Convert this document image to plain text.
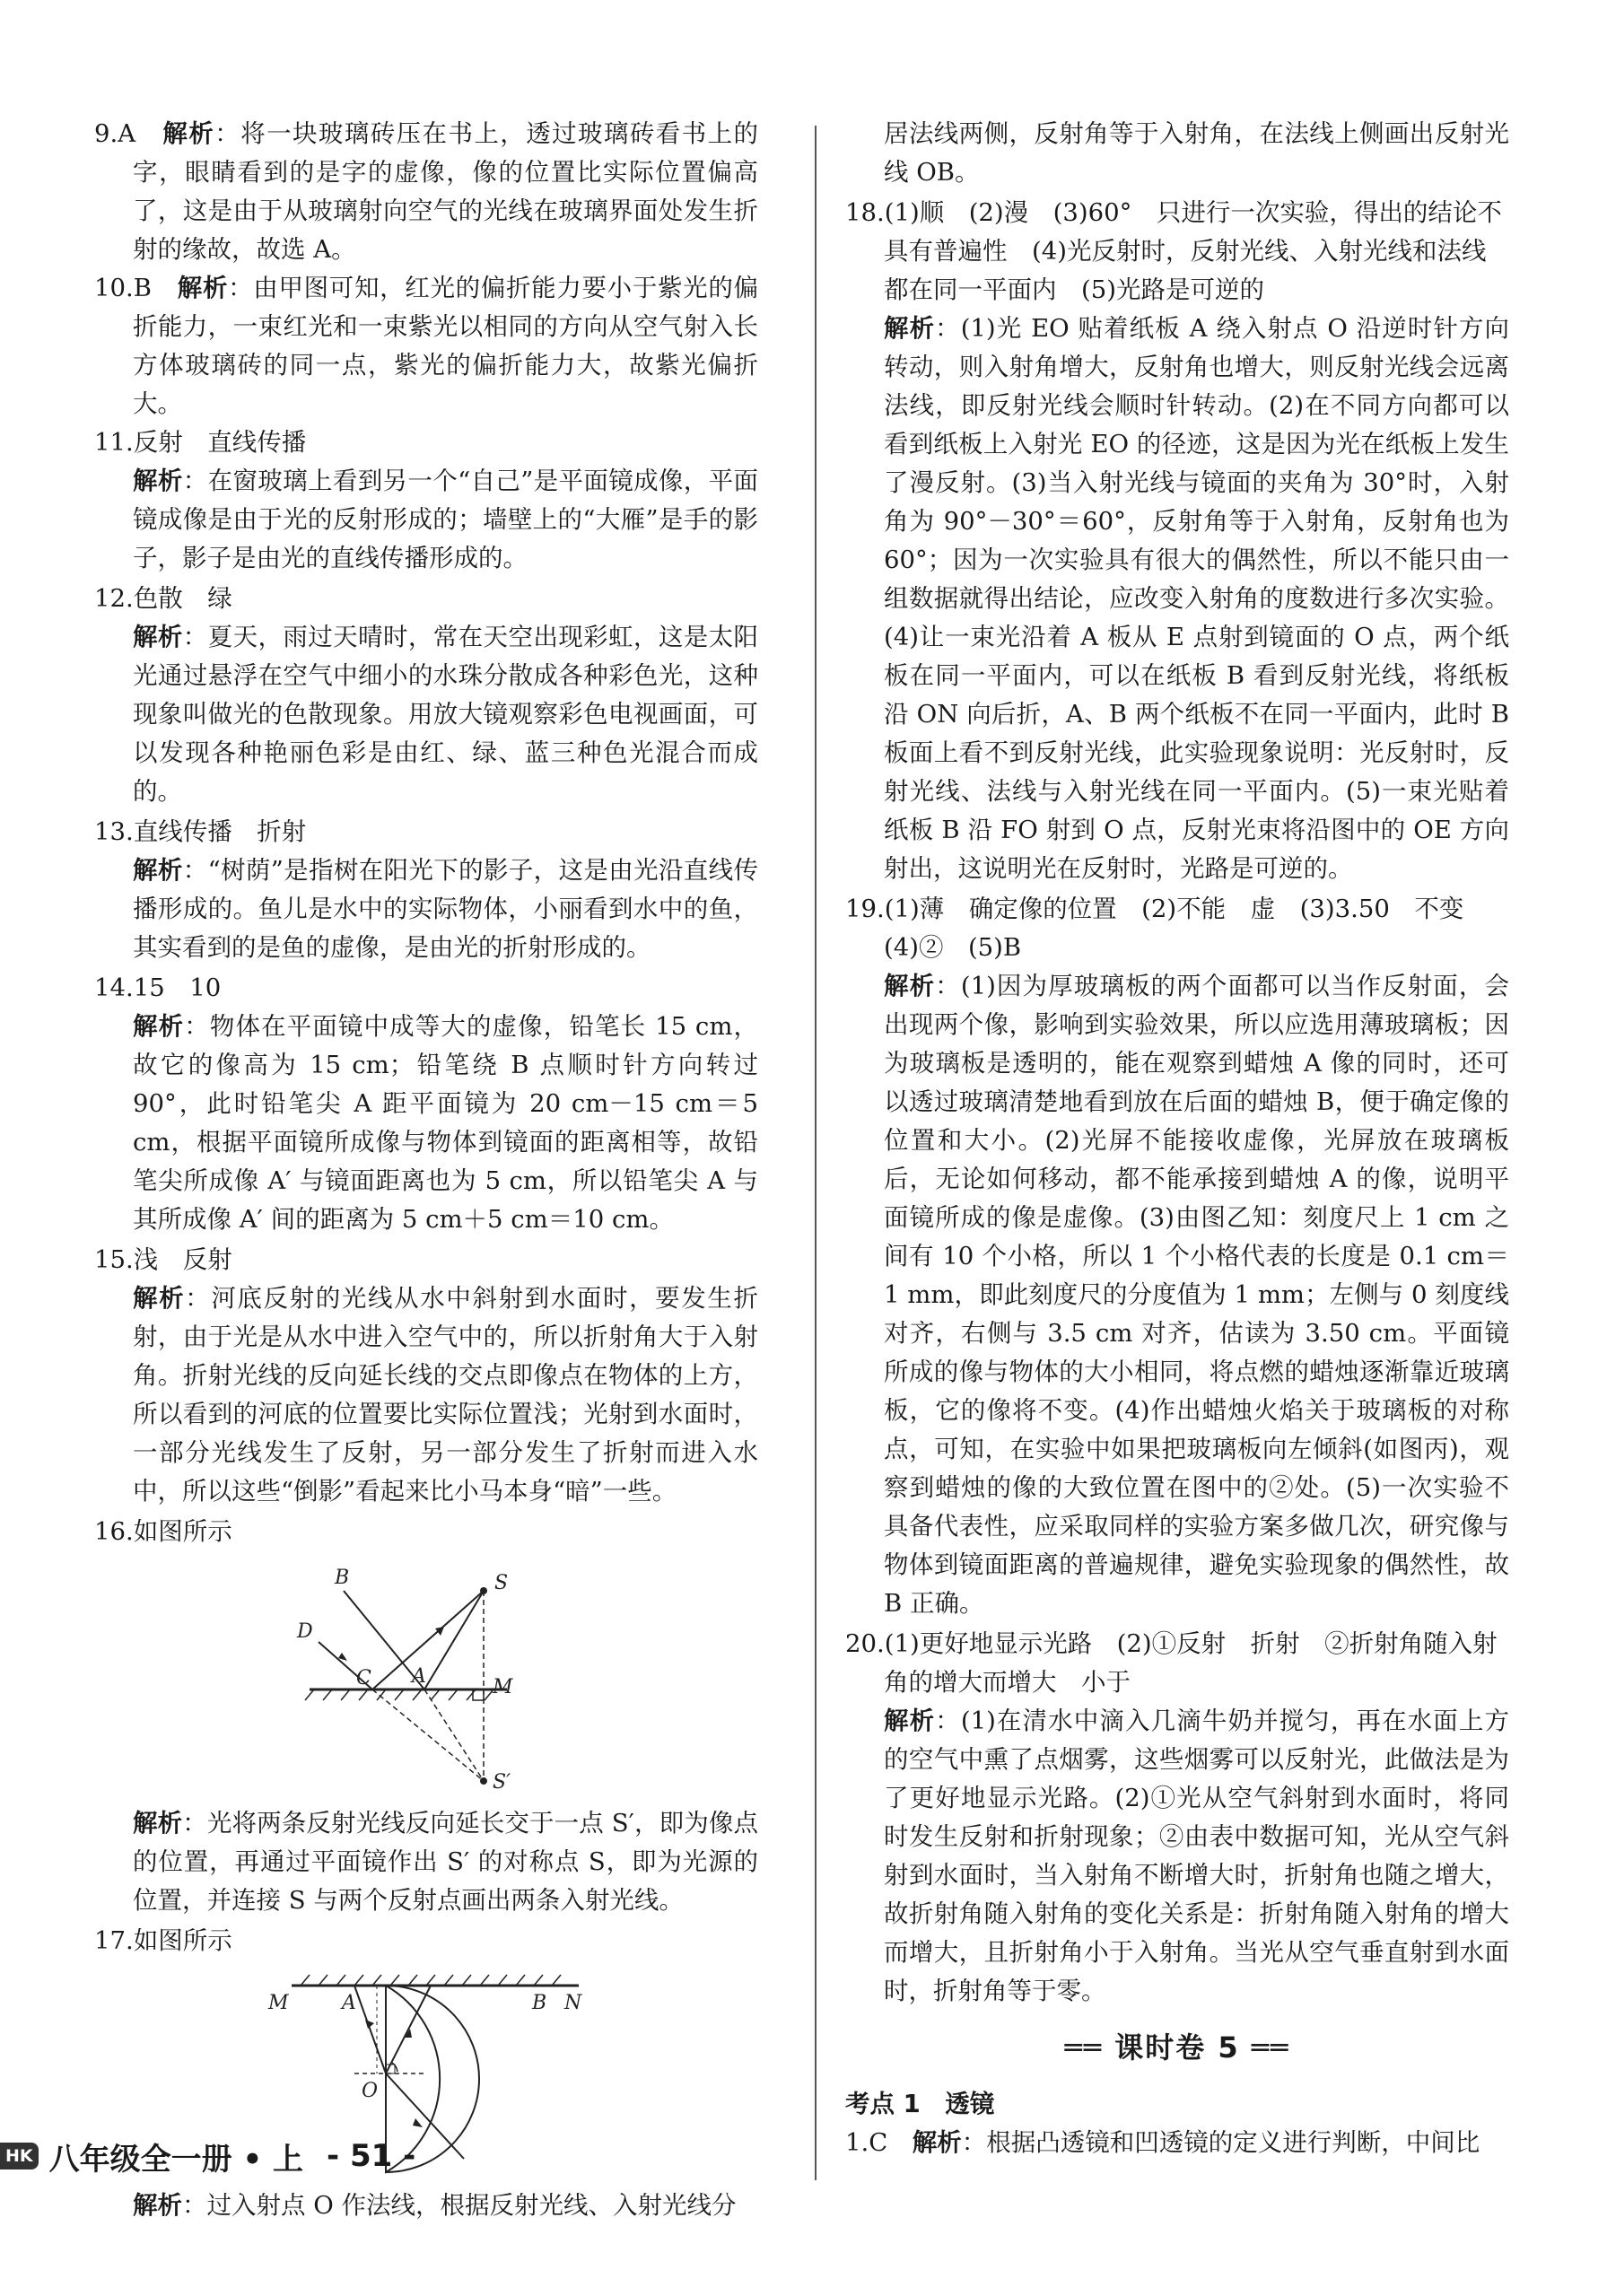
9.A　解析：将一块玻璃砖压在书上，透过玻璃砖看书上的字，眼睛看到的是字的虚像，像的位置比实际位置偏高了，这是由于从玻璃射向空气的光线在玻璃界面处发生折射的缘故，故选 A。
10.B　解析：由甲图可知，红光的偏折能力要小于紫光的偏折能力，一束红光和一束紫光以相同的方向从空气射入长方体玻璃砖的同一点，紫光的偏折能力大，故紫光偏折大。
11.反射　直线传播
解析：在窗玻璃上看到另一个“自己”是平面镜成像，平面镜成像是由于光的反射形成的；墙壁上的“大雁”是手的影子，影子是由光的直线传播形成的。
12.色散　绿
解析：夏天，雨过天晴时，常在天空出现彩虹，这是太阳光通过悬浮在空气中细小的水珠分散成各种彩色光，这种现象叫做光的色散现象。用放大镜观察彩色电视画面，可以发现各种艳丽色彩是由红、绿、蓝三种色光混合而成的。
13.直线传播　折射
解析：“树荫”是指树在阳光下的影子，这是由光沿直线传播形成的。鱼儿是水中的实际物体，小丽看到水中的鱼，其实看到的是鱼的虚像，是由光的折射形成的。
14.15　10
解析：物体在平面镜中成等大的虚像，铅笔长 15 cm，故它的像高为 15 cm；铅笔绕 B 点顺时针方向转过 90°，此时铅笔尖 A 距平面镜为 20 cm－15 cm＝5 cm，根据平面镜所成像与物体到镜面的距离相等，故铅笔尖所成像 A′ 与镜面距离也为 5 cm，所以铅笔尖 A 与其所成像 A′ 间的距离为 5 cm＋5 cm＝10 cm。
15.浅　反射
解析：河底反射的光线从水中斜射到水面时，要发生折射，由于光是从水中进入空气中的，所以折射角大于入射角。折射光线的反向延长线的交点即像点在物体的上方，所以看到的河底的位置要比实际位置浅；光射到水面时，一部分光线发生了反射，另一部分发生了折射而进入水中，所以这些“倒影”看起来比小马本身“暗”一些。
16.如图所示
B	S
D
C A	M
S′
解析：光将两条反射光线反向延长交于一点 S′，即为像点的位置，再通过平面镜作出 S′ 的对称点 S，即为光源的位置，并连接 S 与两个反射点画出两条入射光线。
17.如图所示
M	A	B N
O
解析：过入射点 O 作法线，根据反射光线、入射光线分
居法线两侧，反射角等于入射角，在法线上侧画出反射光线 OB。
18.(1)顺　(2)漫　(3)60°　只进行一次实验，得出的结论不具有普遍性　(4)光反射时，反射光线、入射光线和法线都在同一平面内　(5)光路是可逆的
解析：(1)光 EO 贴着纸板 A 绕入射点 O 沿逆时针方向转动，则入射角增大，反射角也增大，则反射光线会远离法线，即反射光线会顺时针转动。(2)在不同方向都可以看到纸板上入射光 EO 的径迹，这是因为光在纸板上发生了漫反射。(3)当入射光线与镜面的夹角为 30°时，入射角为 90°－30°＝60°，反射角等于入射角，反射角也为 60°；因为一次实验具有很大的偶然性，所以不能只由一组数据就得出结论，应改变入射角的度数进行多次实验。(4)让一束光沿着 A 板从 E 点射到镜面的 O 点，两个纸板在同一平面内，可以在纸板 B 看到反射光线，将纸板沿 ON 向后折，A、B 两个纸板不在同一平面内，此时 B 板面上看不到反射光线，此实验现象说明：光反射时，反射光线、法线与入射光线在同一平面内。(5)一束光贴着纸板 B 沿 FO 射到 O 点，反射光束将沿图中的 OE 方向射出，这说明光在反射时，光路是可逆的。
19.(1)薄　确定像的位置　(2)不能　虚　(3)3.50　不变　(4)②　(5)B
解析：(1)因为厚玻璃板的两个面都可以当作反射面，会出现两个像，影响到实验效果，所以应选用薄玻璃板；因为玻璃板是透明的，能在观察到蜡烛 A 像的同时，还可以透过玻璃清楚地看到放在后面的蜡烛 B，便于确定像的位置和大小。(2)光屏不能接收虚像，光屏放在玻璃板后，无论如何移动，都不能承接到蜡烛 A 的像，说明平面镜所成的像是虚像。(3)由图乙知：刻度尺上 1 cm 之间有 10 个小格，所以 1 个小格代表的长度是 0.1 cm＝1 mm，即此刻度尺的分度值为 1 mm；左侧与 0 刻度线对齐，右侧与 3.5 cm 对齐，估读为 3.50 cm。平面镜所成的像与物体的大小相同，将点燃的蜡烛逐渐靠近玻璃板，它的像将不变。(4)作出蜡烛火焰关于玻璃板的对称点，可知，在实验中如果把玻璃板向左倾斜(如图丙)，观察到蜡烛的像的大致位置在图中的②处。(5)一次实验不具备代表性，应采取同样的实验方案多做几次，研究像与物体到镜面距离的普遍规律，避免实验现象的偶然性，故 B 正确。
20.(1)更好地显示光路　(2)①反射　折射　②折射角随入射角的增大而增大　小于
解析：(1)在清水中滴入几滴牛奶并搅匀，再在水面上方的空气中熏了点烟雾，这些烟雾可以反射光，此做法是为了更好地显示光路。(2)①光从空气斜射到水面时，将同时发生反射和折射现象；②由表中数据可知，光从空气斜射到水面时，当入射角不断增大时，折射角也随之增大，故折射角随入射角的变化关系是：折射角随入射角的增大而增大，且折射角小于入射角。当光从空气垂直射到水面时，折射角等于零。
══ 课时卷 5 ══
考点 1　透镜
1.C　解析：根据凸透镜和凹透镜的定义进行判断，中间比
HK 八年级全一册 • 上 - 51 -
